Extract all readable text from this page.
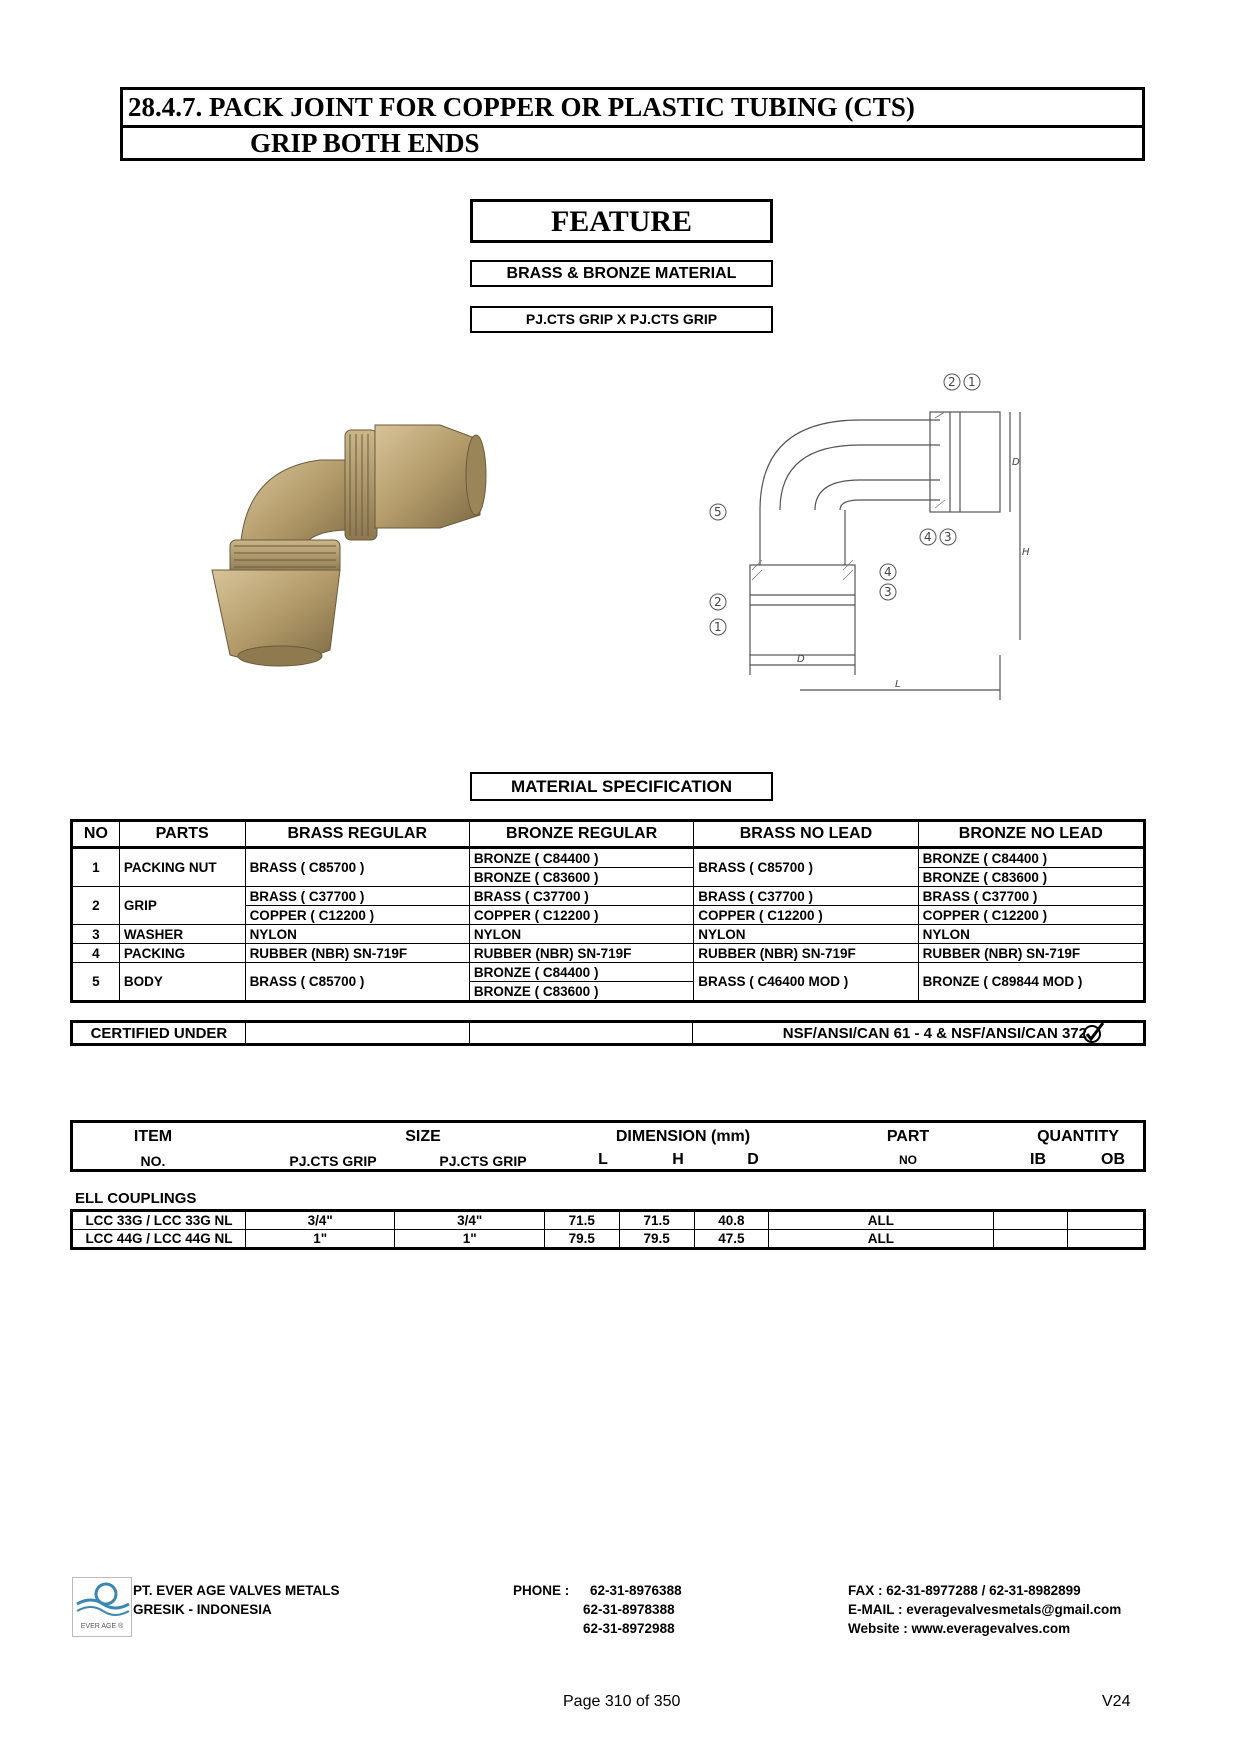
28.4.7. PACK JOINT FOR COPPER OR PLASTIC TUBING (CTS)
GRIP BOTH ENDS
FEATURE
BRASS & BRONZE MATERIAL
PJ.CTS GRIP X PJ.CTS GRIP
2 1
4 3
5
4
3
2
1
D
H
D
L
MATERIAL SPECIFICATION
NO	PARTS	BRASS REGULAR	BRONZE REGULAR	BRASS NO LEAD	BRONZE NO LEAD
1	PACKING NUT	BRASS ( C85700 )	BRONZE ( C84400 )	BRASS ( C85700 )	BRONZE ( C84400 )
			BRONZE ( C83600 )		BRONZE ( C83600 )
2	GRIP	BRASS ( C37700 )	BRASS ( C37700 )	BRASS ( C37700 )	BRASS ( C37700 )
		COPPER ( C12200 )	COPPER ( C12200 )	COPPER ( C12200 )	COPPER ( C12200 )
3	WASHER	NYLON	NYLON	NYLON	NYLON
4	PACKING	RUBBER (NBR) SN-719F	RUBBER (NBR) SN-719F	RUBBER (NBR) SN-719F	RUBBER (NBR) SN-719F
5	BODY	BRASS ( C85700 )	BRONZE ( C84400 )	BRASS ( C46400 MOD )	BRONZE ( C89844 MOD )
			BRONZE ( C83600 )		
CERTIFIED UNDER			NSF/ANSI/CAN 61 - 4 & NSF/ANSI/CAN 372
ITEM
NO.
SIZE
PJ.CTS GRIP	PJ.CTS GRIP
DIMENSION (mm)
L	H	D
PART
NO
QUANTITY
IB	OB
ELL COUPLINGS
LCC 33G / LCC 33G NL	3/4"	3/4"	71.5	71.5	40.8	ALL		
LCC 44G / LCC 44G NL	1"	1"	79.5	79.5	47.5	ALL		
EVER AGE ®
PT. EVER AGE VALVES METALS
GRESIK - INDONESIA
PHONE : 62-31-8976388
62-31-8978388
62-31-8972988
FAX : 62-31-8977288 / 62-31-8982899
E-MAIL : everagevalvesmetals@gmail.com
Website : www.everagevalves.com
Page 310 of 350	V24
